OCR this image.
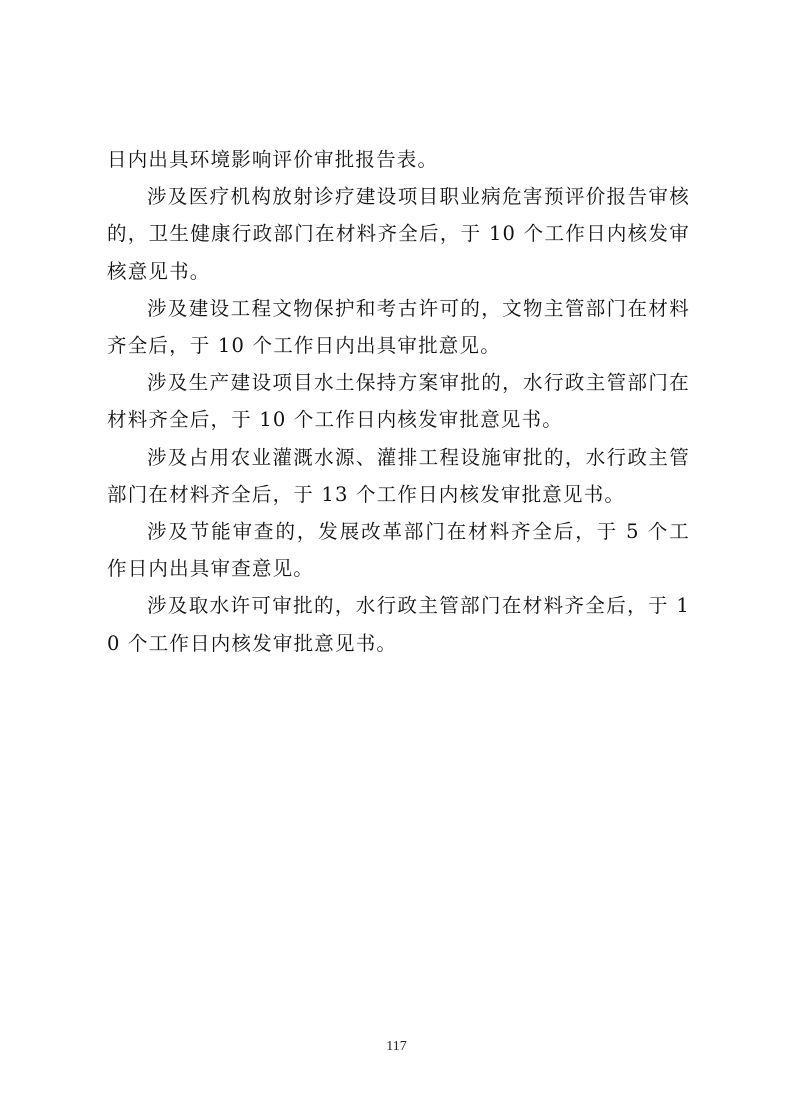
日内出具环境影响评价审批报告表。

涉及医疗机构放射诊疗建设项目职业病危害预评价报告审核的，卫生健康行政部门在材料齐全后，于 10 个工作日内核发审核意见书。

涉及建设工程文物保护和考古许可的，文物主管部门在材料齐全后，于 10 个工作日内出具审批意见。

涉及生产建设项目水土保持方案审批的，水行政主管部门在材料齐全后，于 10 个工作日内核发审批意见书。

涉及占用农业灌溉水源、灌排工程设施审批的，水行政主管部门在材料齐全后，于 13 个工作日内核发审批意见书。

涉及节能审查的，发展改革部门在材料齐全后，于 5 个工作日内出具审查意见。

涉及取水许可审批的，水行政主管部门在材料齐全后，于 10 个工作日内核发审批意见书。

117
